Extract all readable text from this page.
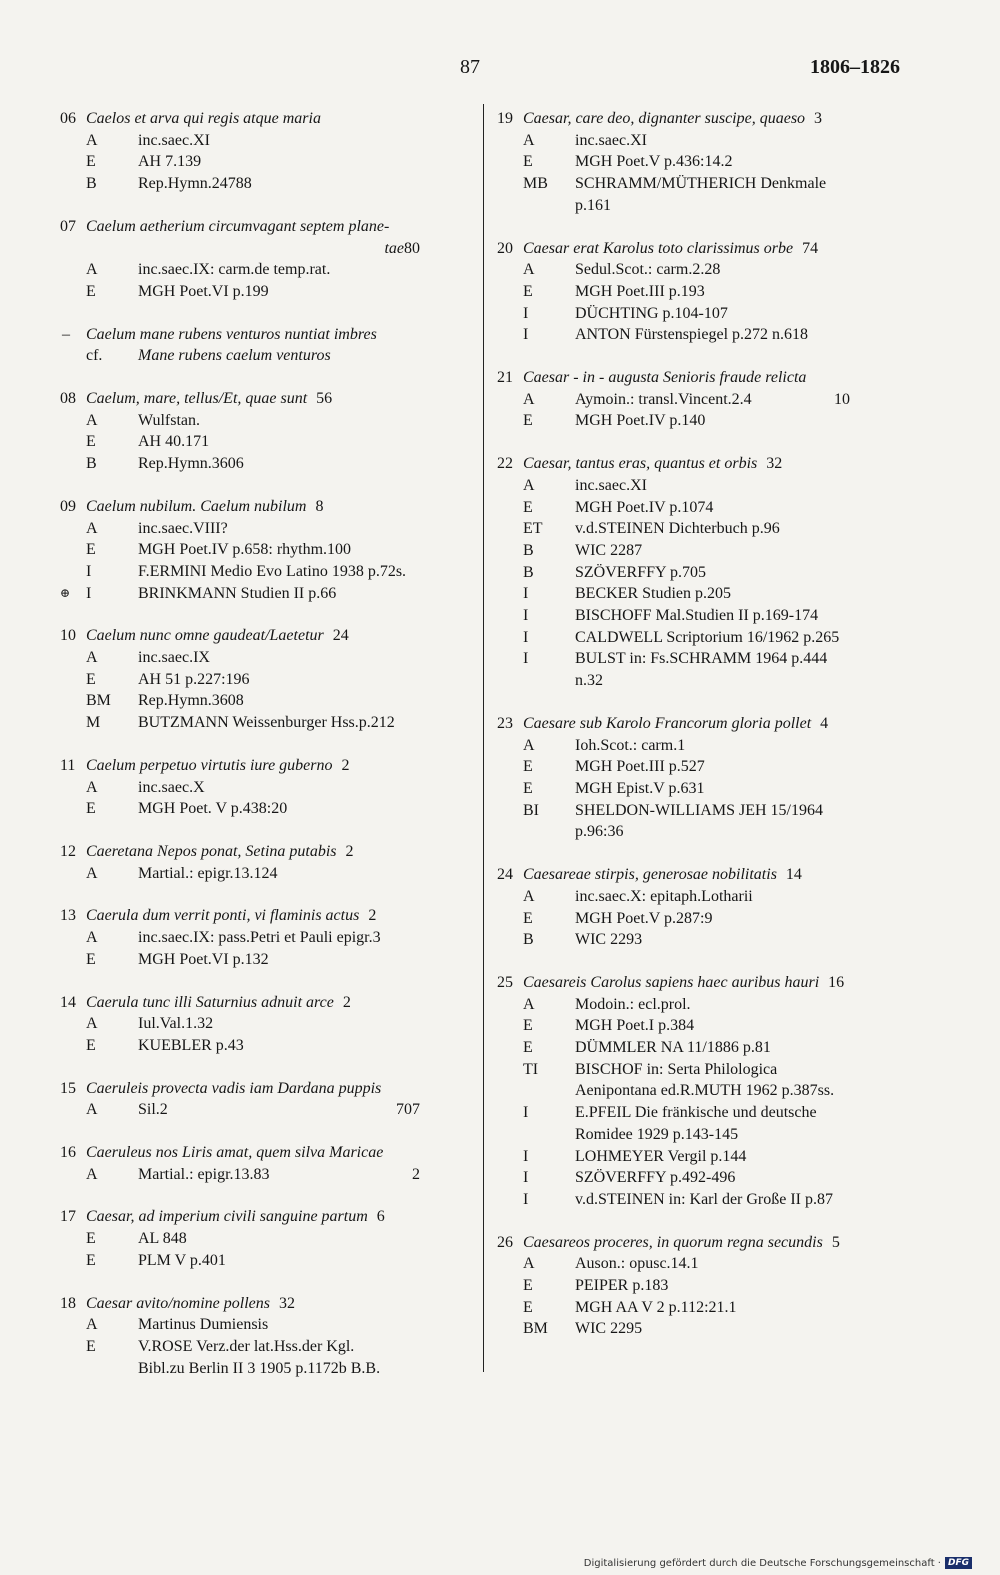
87	1806–1826
06 Caelos et arva qui regis atque maria
A	inc.saec.XI
E	AH 7.139
B	Rep.Hymn.24788
07 Caelum aetherium circumvagant septem plane-
tae80
A	inc.saec.IX: carm.de temp.rat.
E	MGH Poet.VI p.199
–	Caelum mane rubens venturos nuntiat imbres
cf.	Mane rubens caelum venturos
08 Caelum, mare, tellus/Et, quae sunt 56
A	Wulfstan.
E	AH 40.171
B	Rep.Hymn.3606
09 Caelum nubilum. Caelum nubilum 8
A	inc.saec.VIII?
E	MGH Poet.IV p.658: rhythm.100
I	F.ERMINI Medio Evo Latino 1938 p.72s.
⊕ I	BRINKMANN Studien II p.66
10 Caelum nunc omne gaudeat/Laetetur 24
A	inc.saec.IX
E	AH 51 p.227:196
BM	Rep.Hymn.3608
M	BUTZMANN Weissenburger Hss.p.212
11 Caelum perpetuo virtutis iure guberno 2
A	inc.saec.X
E	MGH Poet. V p.438:20
12 Caeretana Nepos ponat, Setina putabis 2
A	Martial.: epigr.13.124
13 Caerula dum verrit ponti, vi flaminis actus 2
A	inc.saec.IX: pass.Petri et Pauli epigr.3
E	MGH Poet.VI p.132
14 Caerula tunc illi Saturnius adnuit arce 2
A	Iul.Val.1.32
E	KUEBLER p.43
15 Caeruleis provecta vadis iam Dardana puppis
A	Sil.2	707
16 Caeruleus nos Liris amat, quem silva Maricae
A	Martial.: epigr.13.83	2
17 Caesar, ad imperium civili sanguine partum 6
E	AL 848
E	PLM V p.401
18 Caesar avito/nomine pollens 32
A	Martinus Dumiensis
E	V.ROSE Verz.der lat.Hss.der Kgl.
Bibl.zu Berlin II 3 1905 p.1172b B.B.
19 Caesar, care deo, dignanter suscipe, quaeso 3
A	inc.saec.XI
E	MGH Poet.V p.436:14.2
MB	SCHRAMM/MÜTHERICH Denkmale
p.161
20 Caesar erat Karolus toto clarissimus orbe 74
A	Sedul.Scot.: carm.2.28
E	MGH Poet.III p.193
I	DÜCHTING p.104-107
I	ANTON Fürstenspiegel p.272 n.618
21 Caesar - in - augusta Senioris fraude relicta
A	Aymoin.: transl.Vincent.2.4	10
E	MGH Poet.IV p.140
22 Caesar, tantus eras, quantus et orbis 32
A	inc.saec.XI
E	MGH Poet.IV p.1074
ET	v.d.STEINEN Dichterbuch p.96
B	WIC 2287
B	SZÖVERFFY p.705
I	BECKER Studien p.205
I	BISCHOFF Mal.Studien II p.169-174
I	CALDWELL Scriptorium 16/1962 p.265
I	BULST in: Fs.SCHRAMM 1964 p.444
n.32
23 Caesare sub Karolo Francorum gloria pollet 4
A	Ioh.Scot.: carm.1
E	MGH Poet.III p.527
E	MGH Epist.V p.631
BI	SHELDON-WILLIAMS JEH 15/1964
p.96:36
24 Caesareae stirpis, generosae nobilitatis 14
A	inc.saec.X: epitaph.Lotharii
E	MGH Poet.V p.287:9
B	WIC 2293
25 Caesareis Carolus sapiens haec auribus hauri 16
A	Modoin.: ecl.prol.
E	MGH Poet.I p.384
E	DÜMMLER NA 11/1886 p.81
TI	BISCHOF in: Serta Philologica
Aenipontana ed.R.MUTH 1962 p.387ss.
I	E.PFEIL Die fränkische und deutsche
Romidee 1929 p.143-145
I	LOHMEYER Vergil p.144
I	SZÖVERFFY p.492-496
I	v.d.STEINEN in: Karl der Große II p.87
26 Caesareos proceres, in quorum regna secundis 5
A	Auson.: opusc.14.1
E	PEIPER p.183
E	MGH AA V 2 p.112:21.1
BM	WIC 2295
Digitalisierung gefördert durch die Deutsche Forschungsgemeinschaft · DFG
